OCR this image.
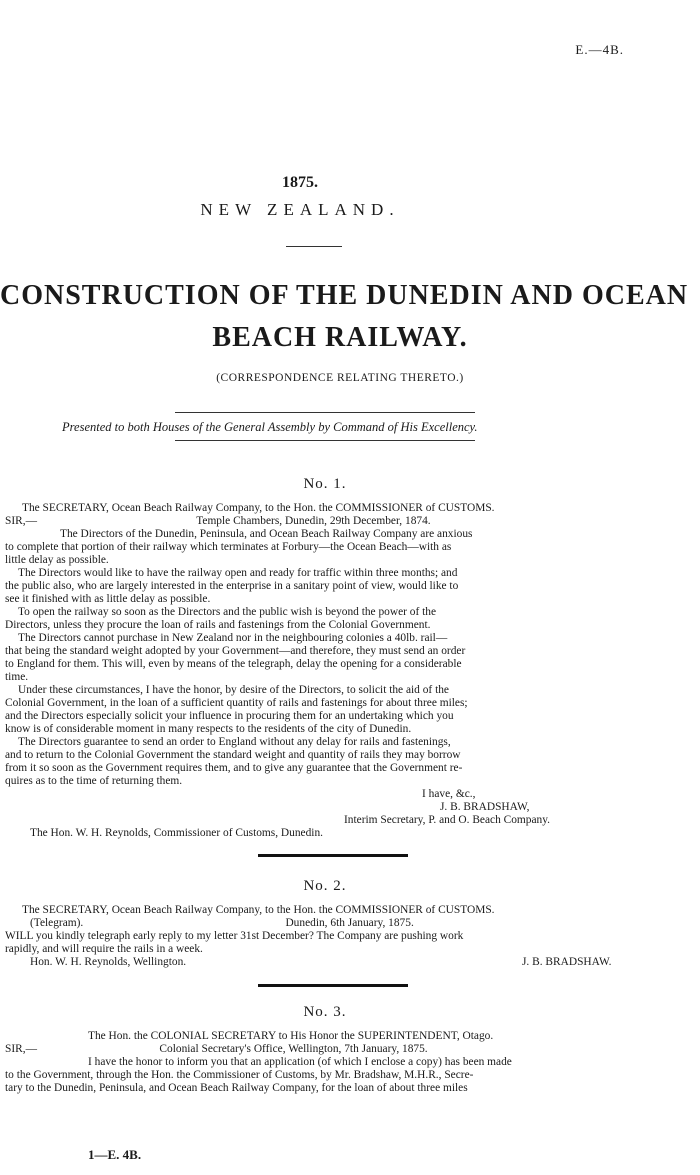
E.—4B.
1875.
NEW ZEALAND.
CONSTRUCTION OF THE DUNEDIN AND OCEAN
BEACH RAILWAY.
(CORRESPONDENCE RELATING THERETO.)
Presented to both Houses of the General Assembly by Command of His Excellency.
No. 1.
The SECRETARY, Ocean Beach Railway Company, to the Hon. the COMMISSIONER of CUSTOMS.
SIR,—                                                        Temple Chambers, Dunedin, 29th December, 1874.
The Directors of the Dunedin, Peninsula, and Ocean Beach Railway Company are anxious
to complete that portion of their railway which terminates at Forbury—the Ocean Beach—with as
little delay as possible.
The Directors would like to have the railway open and ready for traffic within three months; and
the public also, who are largely interested in the enterprise in a sanitary point of view, would like to
see it finished with as little delay as possible.
To open the railway so soon as the Directors and the public wish is beyond the power of the
Directors, unless they procure the loan of rails and fastenings from the Colonial Government.
The Directors cannot purchase in New Zealand nor in the neighbouring colonies a 40lb. rail—
that being the standard weight adopted by your Government—and therefore, they must send an order
to England for them. This will, even by means of the telegraph, delay the opening for a considerable
time.
Under these circumstances, I have the honor, by desire of the Directors, to solicit the aid of the
Colonial Government, in the loan of a sufficient quantity of rails and fastenings for about three miles;
and the Directors especially solicit your influence in procuring them for an undertaking which you
know is of considerable moment in many respects to the residents of the city of Dunedin.
The Directors guarantee to send an order to England without any delay for rails and fastenings,
and to return to the Colonial Government the standard weight and quantity of rails they may borrow
from it so soon as the Government requires them, and to give any guarantee that the Government re-
quires as to the time of returning them.
I have, &c.,
J. B. BRADSHAW,
Interim Secretary, P. and O. Beach Company.
The Hon. W. H. Reynolds, Commissioner of Customs, Dunedin.
No. 2.
The SECRETARY, Ocean Beach Railway Company, to the Hon. the COMMISSIONER of CUSTOMS.
(Telegram).                                                                       Dunedin, 6th January, 1875.
WILL you kindly telegraph early reply to my letter 31st December? The Company are pushing work
rapidly, and will require the rails in a week.
Hon. W. H. Reynolds, Wellington.	J. B. BRADSHAW.
No. 3.
The Hon. the COLONIAL SECRETARY to His Honor the SUPERINTENDENT, Otago.
SIR,—                                           Colonial Secretary's Office, Wellington, 7th January, 1875.
I have the honor to inform you that an application (of which I enclose a copy) has been made
to the Government, through the Hon. the Commissioner of Customs, by Mr. Bradshaw, M.H.R., Secre-
tary to the Dunedin, Peninsula, and Ocean Beach Railway Company, for the loan of about three miles
1—E. 4B.
